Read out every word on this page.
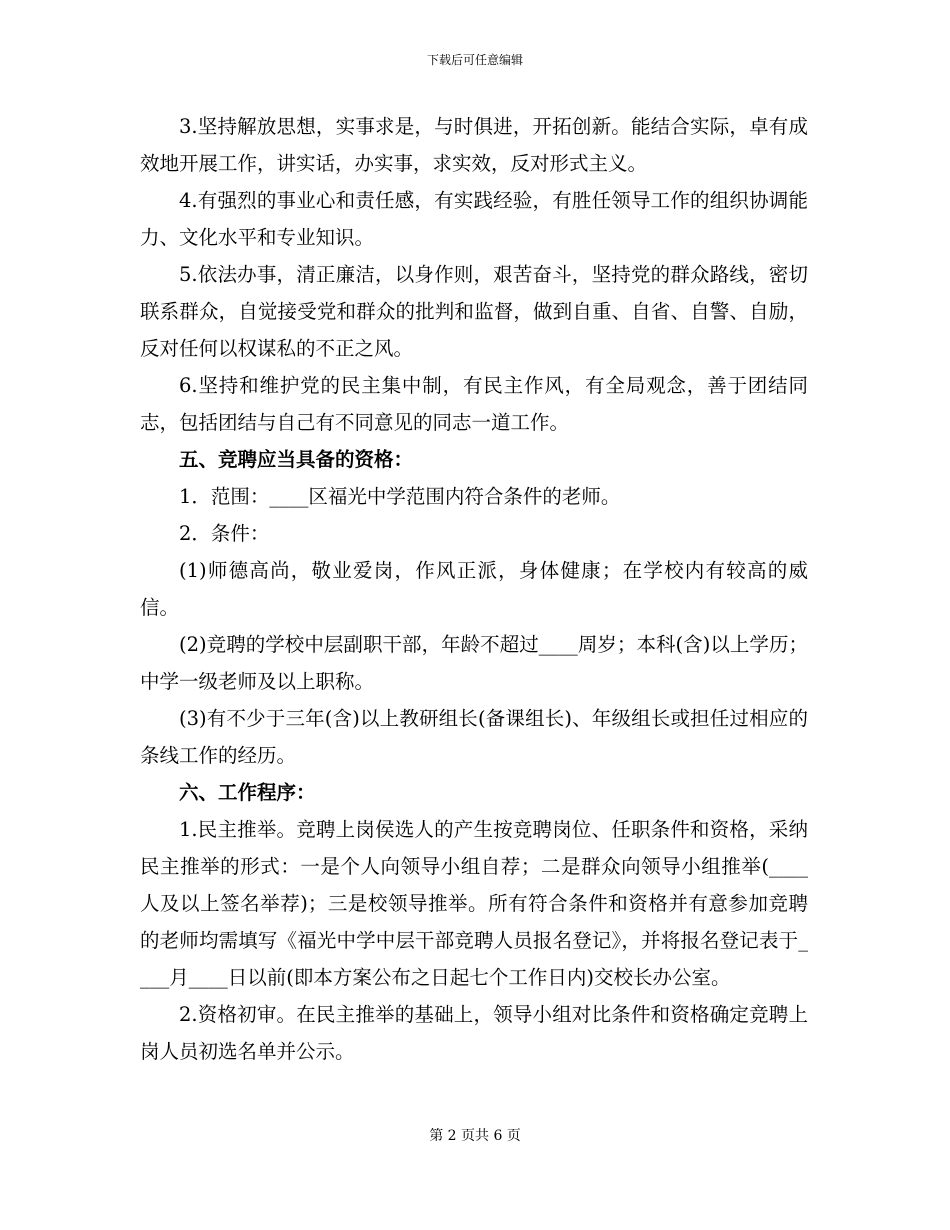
下载后可任意编辑

3.坚持解放思想，实事求是，与时俱进，开拓创新。能结合实际，卓有成效地开展工作，讲实话，办实事，求实效，反对形式主义。

4.有强烈的事业心和责任感，有实践经验，有胜任领导工作的组织协调能力、文化水平和专业知识。

5.依法办事，清正廉洁，以身作则，艰苦奋斗，坚持党的群众路线，密切联系群众，自觉接受党和群众的批判和监督，做到自重、自省、自警、自励，反对任何以权谋私的不正之风。

6.坚持和维护党的民主集中制，有民主作风，有全局观念，善于团结同志，包括团结与自己有不同意见的同志一道工作。

五、竞聘应当具备的资格：

1．范围：____区福光中学范围内符合条件的老师。

2．条件：

(1)师德高尚，敬业爱岗，作风正派，身体健康；在学校内有较高的威信。

(2)竞聘的学校中层副职干部，年龄不超过____周岁；本科(含)以上学历；中学一级老师及以上职称。

(3)有不少于三年(含)以上教研组长(备课组长)、年级组长或担任过相应的条线工作的经历。

六、工作程序：

1.民主推举。竞聘上岗侯选人的产生按竞聘岗位、任职条件和资格，采纳民主推举的形式：一是个人向领导小组自荐；二是群众向领导小组推举(____人及以上签名举荐)；三是校领导推举。所有符合条件和资格并有意参加竞聘的老师均需填写《福光中学中层干部竞聘人员报名登记》，并将报名登记表于____月____日以前(即本方案公布之日起七个工作日内)交校长办公室。

2.资格初审。在民主推举的基础上，领导小组对比条件和资格确定竞聘上岗人员初选名单并公示。

第 2 页共 6 页
